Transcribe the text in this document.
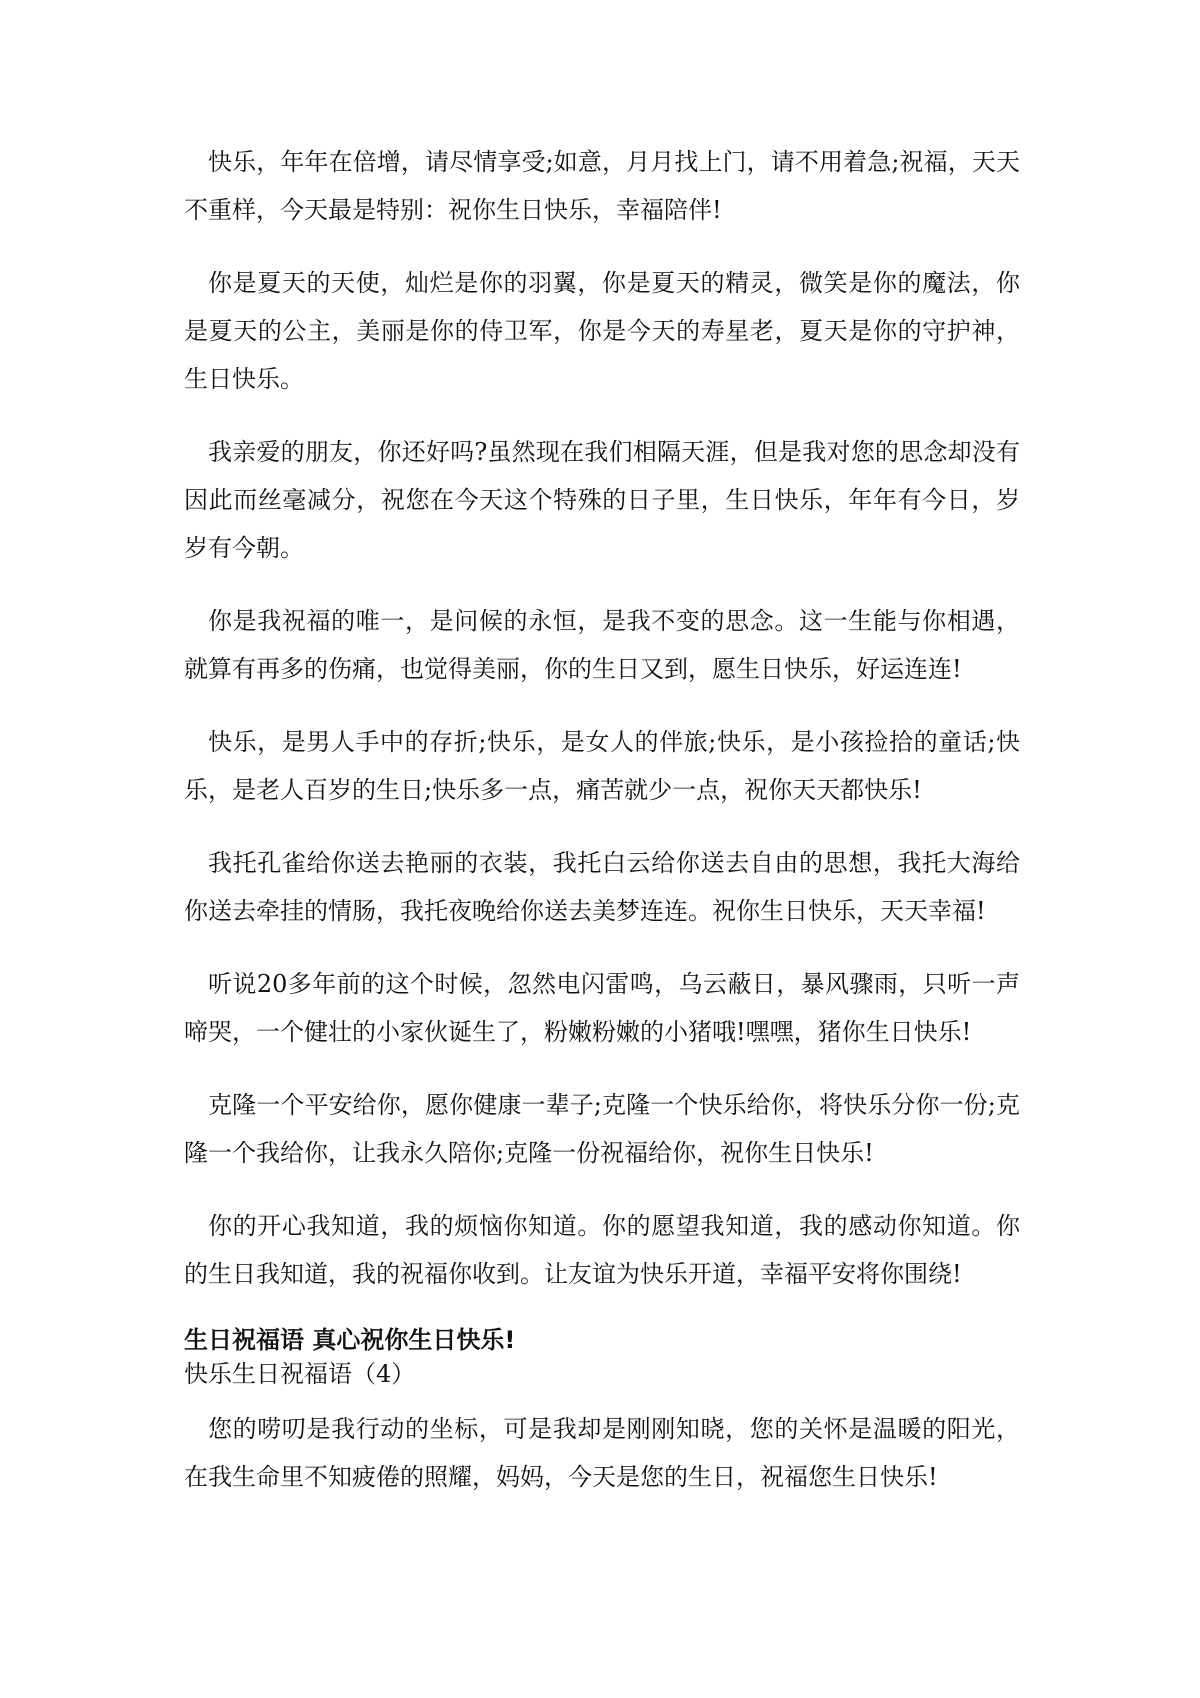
快乐，年年在倍增，请尽情享受;如意，月月找上门，请不用着急;祝福，天天不重样，今天最是特别：祝你生日快乐，幸福陪伴!

你是夏天的天使，灿烂是你的羽翼，你是夏天的精灵，微笑是你的魔法，你是夏天的公主，美丽是你的侍卫军，你是今天的寿星老，夏天是你的守护神，生日快乐。

我亲爱的朋友，你还好吗?虽然现在我们相隔天涯，但是我对您的思念却没有因此而丝毫减分，祝您在今天这个特殊的日子里，生日快乐，年年有今日，岁岁有今朝。

你是我祝福的唯一，是问候的永恒，是我不变的思念。这一生能与你相遇，就算有再多的伤痛，也觉得美丽，你的生日又到，愿生日快乐，好运连连!

快乐，是男人手中的存折;快乐，是女人的伴旅;快乐，是小孩捡拾的童话;快乐，是老人百岁的生日;快乐多一点，痛苦就少一点，祝你天天都快乐!

我托孔雀给你送去艳丽的衣装，我托白云给你送去自由的思想，我托大海给你送去牵挂的情肠，我托夜晚给你送去美梦连连。祝你生日快乐，天天幸福!

听说20多年前的这个时候，忽然电闪雷鸣，乌云蔽日，暴风骤雨，只听一声啼哭，一个健壮的小家伙诞生了，粉嫩粉嫩的小猪哦!嘿嘿，猪你生日快乐!

克隆一个平安给你，愿你健康一辈子;克隆一个快乐给你，将快乐分你一份;克隆一个我给你，让我永久陪你;克隆一份祝福给你，祝你生日快乐!

你的开心我知道，我的烦恼你知道。你的愿望我知道，我的感动你知道。你的生日我知道，我的祝福你收到。让友谊为快乐开道，幸福平安将你围绕!

生日祝福语 真心祝你生日快乐!
快乐生日祝福语（4）

您的唠叨是我行动的坐标，可是我却是刚刚知晓，您的关怀是温暖的阳光，在我生命里不知疲倦的照耀，妈妈，今天是您的生日，祝福您生日快乐!
